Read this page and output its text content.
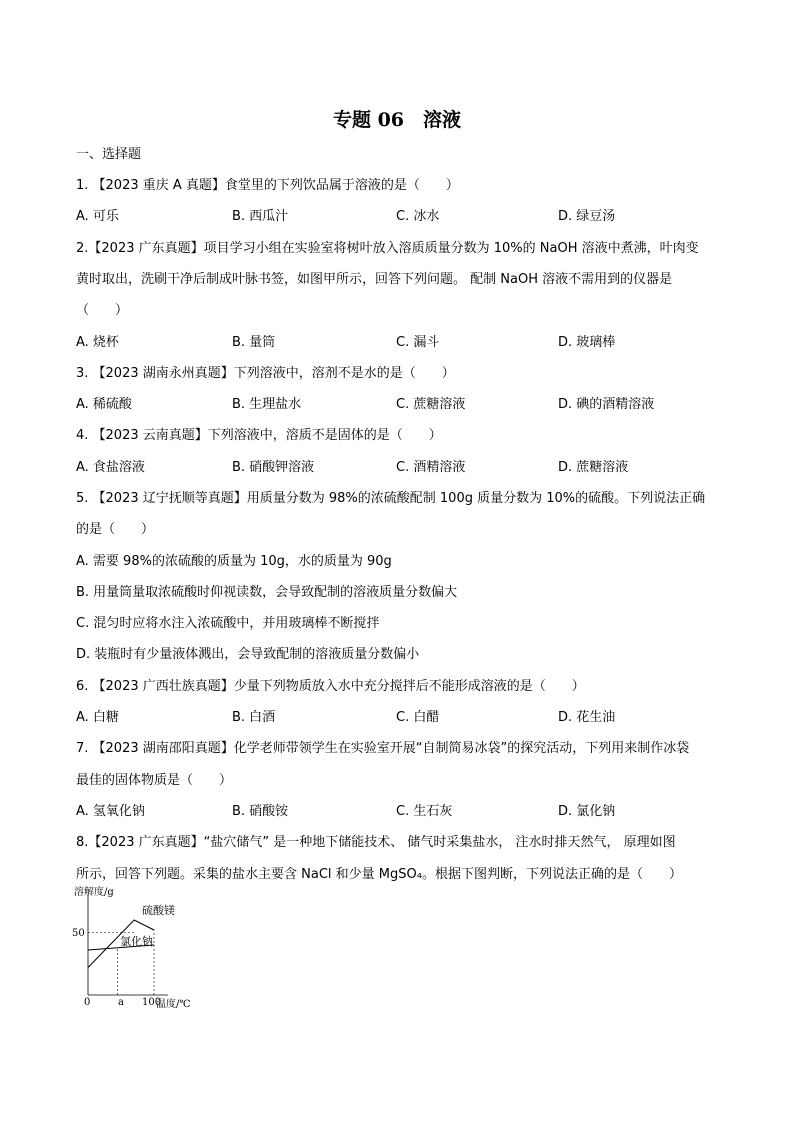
专题 06　溶液
一、选择题
1. 【2023 重庆 A 真题】食堂里的下列饮品属于溶液的是（　　）
A. 可乐	B. 西瓜汁	C. 冰水	D. 绿豆汤
2.【2023 广东真题】项目学习小组在实验室将树叶放入溶质质量分数为 10%的 NaOH 溶液中煮沸，叶肉变
黄时取出，洗刷干净后制成叶脉书签，如图甲所示，回答下列问题。 配制 NaOH 溶液不需用到的仪器是
（　　）
A. 烧杯	B. 量筒	C. 漏斗	D. 玻璃棒
3. 【2023 湖南永州真题】下列溶液中，溶剂不是水的是（　　）
A. 稀硫酸	B. 生理盐水	C. 蔗糖溶液	D. 碘的酒精溶液
4. 【2023 云南真题】下列溶液中，溶质不是固体的是（　　）
A. 食盐溶液	B. 硝酸钾溶液	C. 酒精溶液	D. 蔗糖溶液
5. 【2023 辽宁抚顺等真题】用质量分数为 98%的浓硫酸配制 100g 质量分数为 10%的硫酸。下列说法正确
的是（　　）
A. 需要 98%的浓硫酸的质量为 10g，水的质量为 90g
B. 用量筒量取浓硫酸时仰视读数，会导致配制的溶液质量分数偏大
C. 混匀时应将水注入浓硫酸中，并用玻璃棒不断搅拌
D. 装瓶时有少量液体溅出，会导致配制的溶液质量分数偏小
6. 【2023 广西壮族真题】少量下列物质放入水中充分搅拌后不能形成溶液的是（　　）
A. 白糖	B. 白酒	C. 白醋	D. 花生油
7. 【2023 湖南邵阳真题】化学老师带领学生在实验室开展“自制简易冰袋”的探究活动，下列用来制作冰袋
最佳的固体物质是（　　）
A. 氢氧化钠	B. 硝酸铵	C. 生石灰	D. 氯化钠
8.【2023 广东真题】“盐穴储气” 是一种地下储能技术、 储气时采集盐水， 注水时排天然气， 原理如图
所示，回答下列题。采集的盐水主要含 NaCl 和少量 MgSO₄。根据下图判断，下列说法正确的是（　　）
溶解度/g
温度/℃
50
0	a 100
硫酸镁
氯化钠
